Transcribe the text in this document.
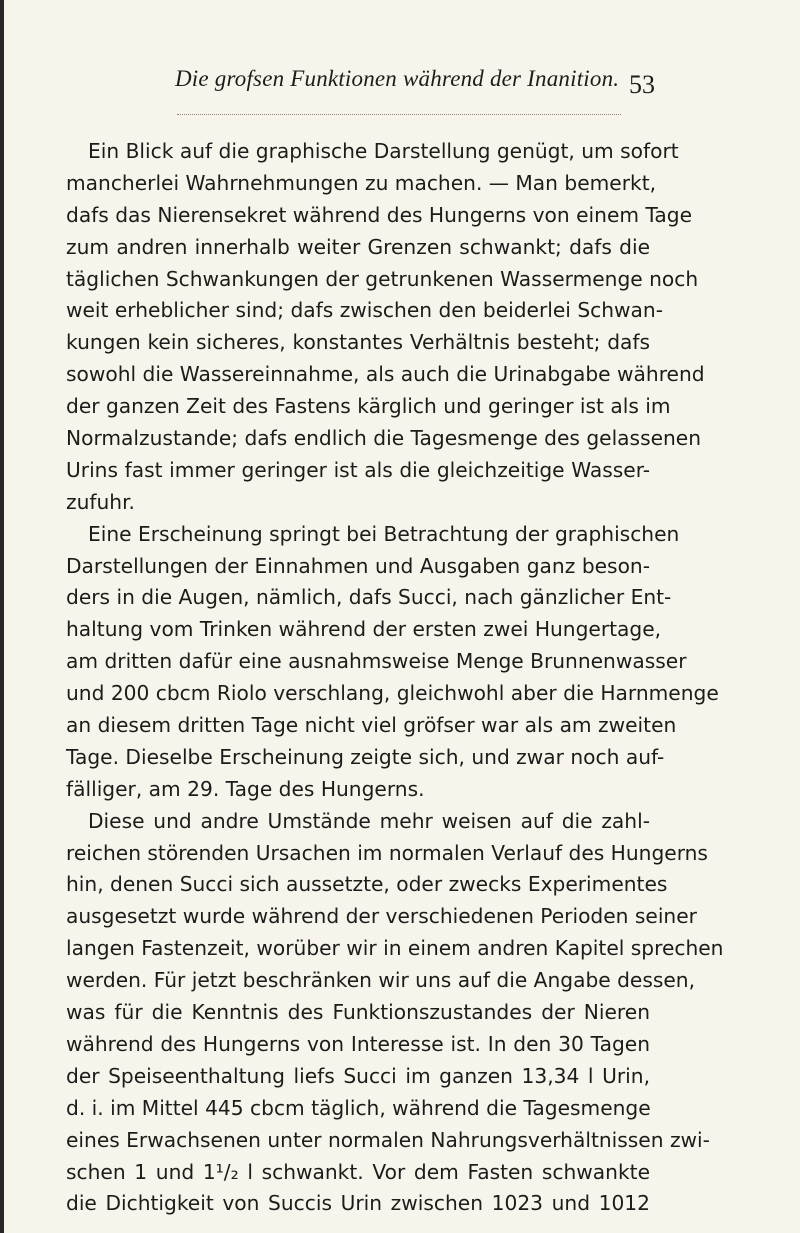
Die grofsen Funktionen während der Inanition. 53
Ein Blick auf die graphische Darstellung genügt, um sofort
mancherlei Wahrnehmungen zu machen. — Man bemerkt,
dafs das Nierensekret während des Hungerns von einem Tage
zum andren innerhalb weiter Grenzen schwankt; dafs die
täglichen Schwankungen der getrunkenen Wassermenge noch
weit erheblicher sind; dafs zwischen den beiderlei Schwan-
kungen kein sicheres, konstantes Verhältnis besteht; dafs
sowohl die Wassereinnahme, als auch die Urinabgabe während
der ganzen Zeit des Fastens kärglich und geringer ist als im
Normalzustande; dafs endlich die Tagesmenge des gelassenen
Urins fast immer geringer ist als die gleichzeitige Wasser-
zufuhr.
Eine Erscheinung springt bei Betrachtung der graphischen
Darstellungen der Einnahmen und Ausgaben ganz beson-
ders in die Augen, nämlich, dafs Succi, nach gänzlicher Ent-
haltung vom Trinken während der ersten zwei Hungertage,
am dritten dafür eine ausnahmsweise Menge Brunnenwasser
und 200 cbcm Riolo verschlang, gleichwohl aber die Harnmenge
an diesem dritten Tage nicht viel gröfser war als am zweiten
Tage. Dieselbe Erscheinung zeigte sich, und zwar noch auf-
fälliger, am 29. Tage des Hungerns.
Diese und andre Umstände mehr weisen auf die zahl-
reichen störenden Ursachen im normalen Verlauf des Hungerns
hin, denen Succi sich aussetzte, oder zwecks Experimentes
ausgesetzt wurde während der verschiedenen Perioden seiner
langen Fastenzeit, worüber wir in einem andren Kapitel sprechen
werden. Für jetzt beschränken wir uns auf die Angabe dessen,
was für die Kenntnis des Funktionszustandes der Nieren
während des Hungerns von Interesse ist. In den 30 Tagen
der Speiseenthaltung liefs Succi im ganzen 13,34 l Urin,
d. i. im Mittel 445 cbcm täglich, während die Tagesmenge
eines Erwachsenen unter normalen Nahrungsverhältnissen zwi-
schen 1 und 1¹/₂ l schwankt. Vor dem Fasten schwankte
die Dichtigkeit von Succis Urin zwischen 1023 und 1012
